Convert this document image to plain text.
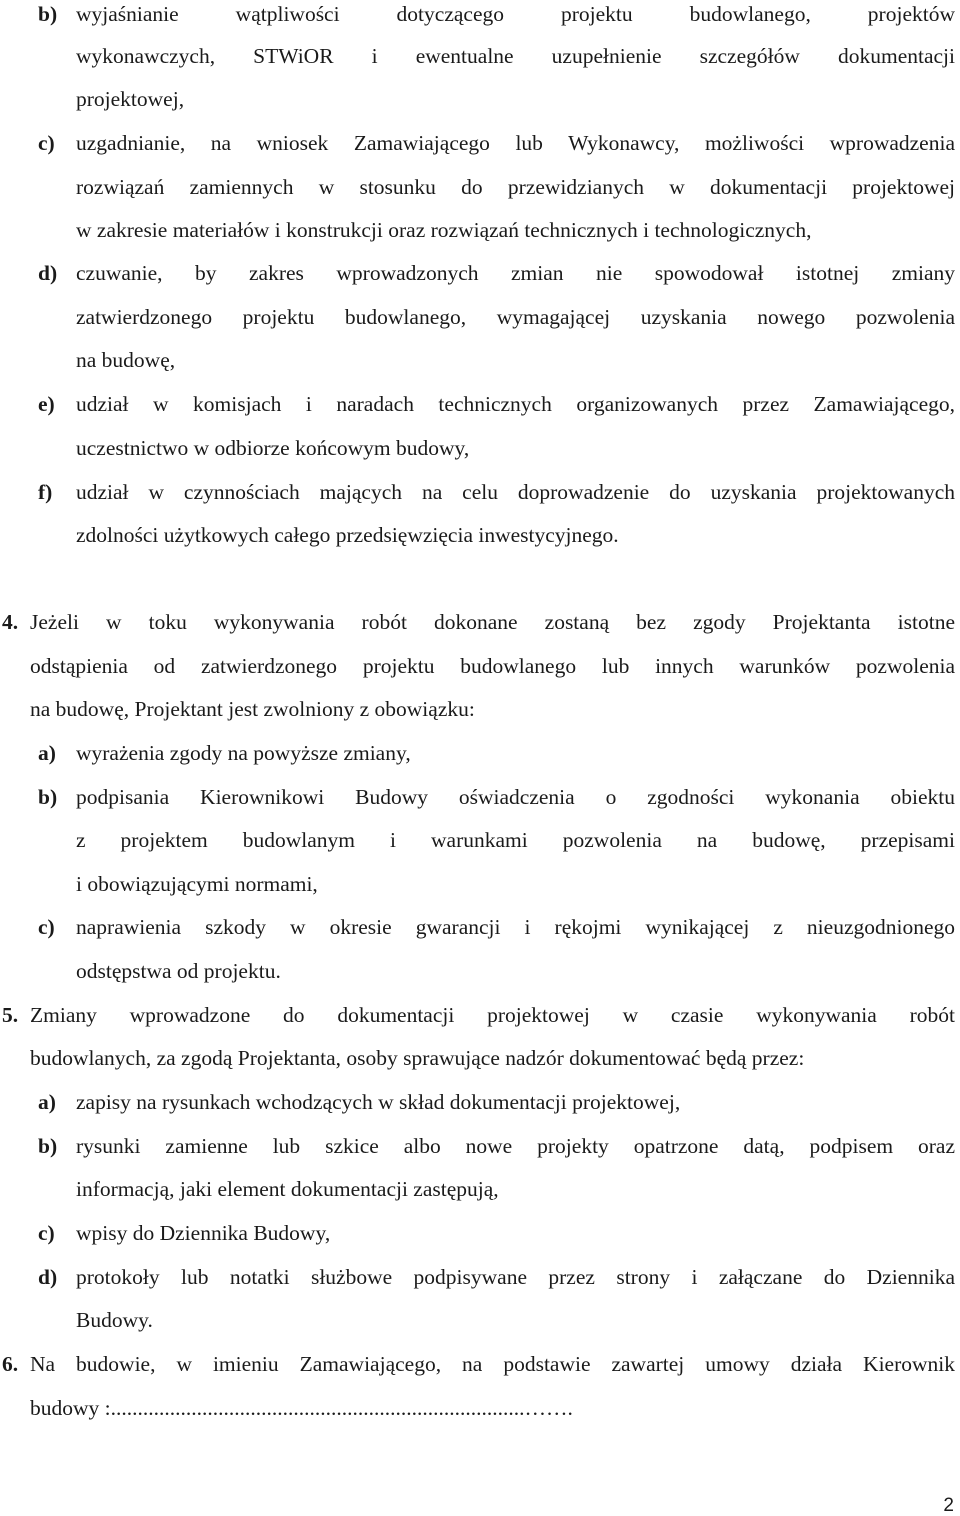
b) wyjaśnianie wątpliwości dotyczącego projektu budowlanego, projektów
wykonawczych, STWiOR i ewentualne uzupełnienie szczegółów dokumentacji
projektowej,
c) uzgadnianie, na wniosek Zamawiającego lub Wykonawcy, możliwości wprowadzenia
rozwiązań zamiennych w stosunku do przewidzianych w dokumentacji projektowej
w zakresie materiałów i konstrukcji oraz rozwiązań technicznych i technologicznych,
d) czuwanie, by zakres wprowadzonych zmian nie spowodował istotnej zmiany
zatwierdzonego projektu budowlanego, wymagającej uzyskania nowego pozwolenia
na budowę,
e) udział w komisjach i naradach technicznych organizowanych przez Zamawiającego,
uczestnictwo w odbiorze końcowym budowy,
f) udział w czynnościach mających na celu doprowadzenie do uzyskania projektowanych
zdolności użytkowych całego przedsięwzięcia inwestycyjnego.
4. Jeżeli w toku wykonywania robót dokonane zostaną bez zgody Projektanta istotne
odstąpienia od zatwierdzonego projektu budowlanego lub innych warunków pozwolenia
na budowę, Projektant jest zwolniony z obowiązku:
a) wyrażenia zgody na powyższe zmiany,
b) podpisania Kierownikowi Budowy oświadczenia o zgodności wykonania obiektu
z projektem budowlanym i warunkami pozwolenia na budowę, przepisami
i obowiązującymi normami,
c) naprawienia szkody w okresie gwarancji i rękojmi wynikającej z nieuzgodnionego
odstępstwa od projektu.
5. Zmiany wprowadzone do dokumentacji projektowej w czasie wykonywania robót
budowlanych, za zgodą Projektanta, osoby sprawujące nadzór dokumentować będą przez:
a) zapisy na rysunkach wchodzących w skład dokumentacji projektowej,
b) rysunki zamienne lub szkice albo nowe projekty opatrzone datą, podpisem oraz
informacją, jaki element dokumentacji zastępują,
c) wpisy do Dziennika Budowy,
d) protokoły lub notatki służbowe podpisywane przez strony i załączane do Dziennika
Budowy.
6. Na budowie, w imieniu Zamawiającego, na podstawie zawartej umowy działa Kierownik
budowy :.............................................................................…….
2
